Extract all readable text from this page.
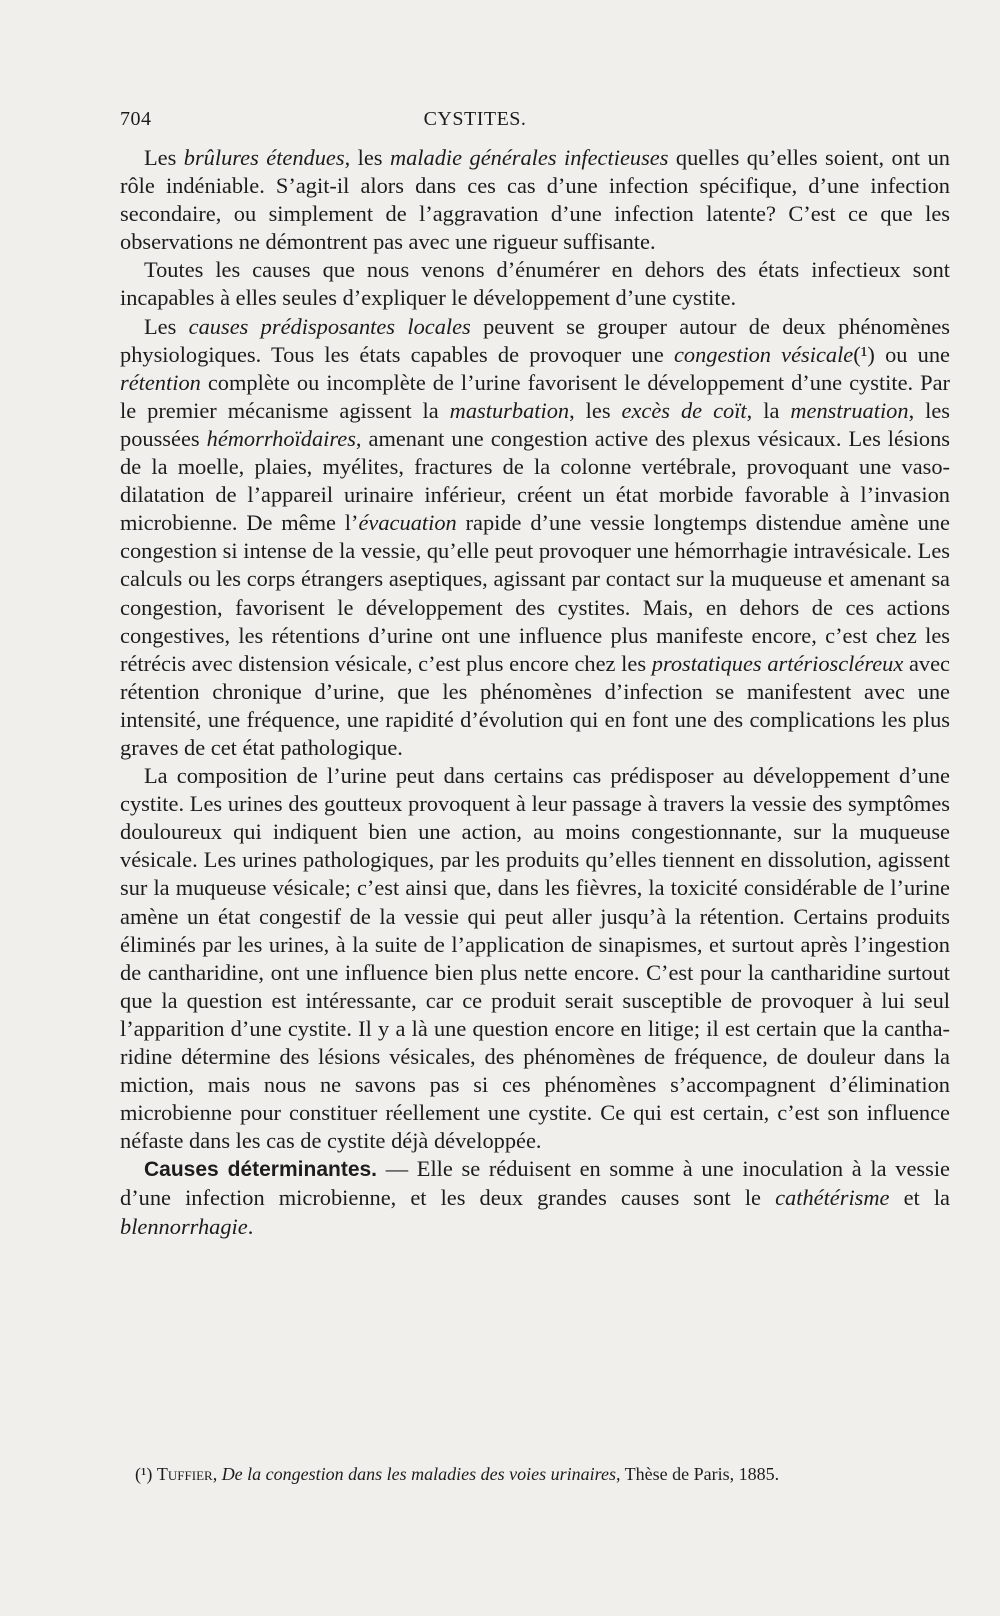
704	CYSTITES.

Les brûlures étendues, les maladie générales infectieuses quelles qu’elles soient, ont un rôle indéniable. S’agit-il alors dans ces cas d’une infection spécifique, d’une infection secondaire, ou simplement de l’aggravation d’une infection latente? C’est ce que les observations ne démontrent pas avec une rigueur suffisante.

Toutes les causes que nous venons d’énumérer en dehors des états infectieux sont incapables à elles seules d’expliquer le développement d’une cystite.

Les causes prédisposantes locales peuvent se grouper autour de deux phénomènes physiologiques. Tous les états capables de provoquer une congestion vésicale(¹) ou une rétention complète ou incomplète de l’urine favorisent le développement d’une cystite. Par le premier mécanisme agissent la masturbation, les excès de coït, la menstruation, les poussées hémorrhoïdaires, amenant une congestion active des plexus vésicaux. Les lésions de la moelle, plaies, myélites, fractures de la colonne vertébrale, provoquant une vaso-dilatation de l’appareil urinaire inférieur, créent un état morbide favorable à l’invasion microbienne. De même l’évacuation rapide d’une vessie longtemps distendue amène une congestion si intense de la vessie, qu’elle peut provoquer une hémorrhagie intravésicale. Les calculs ou les corps étrangers aseptiques, agissant par contact sur la muqueuse et amenant sa congestion, favorisent le développement des cystites. Mais, en dehors de ces actions congestives, les rétentions d’urine ont une influence plus manifeste encore, c’est chez les rétrécis avec distension vésicale, c’est plus encore chez les prostatiques artérioscléreux avec rétention chronique d’urine, que les phénomènes d’infection se manifestent avec une intensité, une fréquence, une rapidité d’évolution qui en font une des complications les plus graves de cet état pathologique.

La composition de l’urine peut dans certains cas prédisposer au développement d’une cystite. Les urines des goutteux provoquent à leur passage à travers la vessie des symptômes douloureux qui indiquent bien une action, au moins congestionnante, sur la muqueuse vésicale. Les urines pathologiques, par les produits qu’elles tiennent en dissolution, agissent sur la muqueuse vésicale; c’est ainsi que, dans les fièvres, la toxicité considérable de l’urine amène un état congestif de la vessie qui peut aller jusqu’à la rétention. Certains produits éliminés par les urines, à la suite de l’application de sinapismes, et surtout après l’ingestion de cantharidine, ont une influence bien plus nette encore. C’est pour la cantharidine surtout que la question est intéressante, car ce produit serait susceptible de provoquer à lui seul l’apparition d’une cystite. Il y a là une question encore en litige; il est certain que la cantharidine détermine des lésions vésicales, des phénomènes de fréquence, de douleur dans la miction, mais nous ne savons pas si ces phénomènes s’accompagnent d’élimination microbienne pour constituer réellement une cystite. Ce qui est certain, c’est son influence néfaste dans les cas de cystite déjà développée.

Causes déterminantes. — Elle se réduisent en somme à une inoculation à la vessie d’une infection microbienne, et les deux grandes causes sont le cathétérisme et la blennorrhagie.

(¹) Tuffier, De la congestion dans les maladies des voies urinaires, Thèse de Paris, 1885.
